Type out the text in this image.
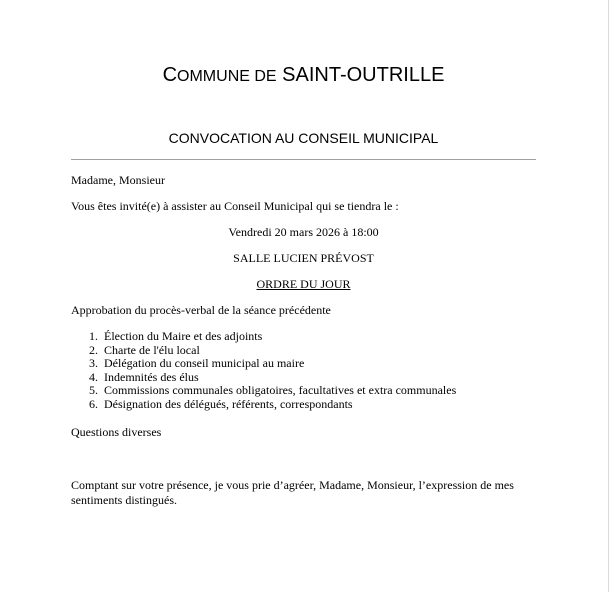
COMMUNE DE SAINT-OUTRILLE
CONVOCATION AU CONSEIL MUNICIPAL
Madame, Monsieur
Vous êtes invité(e) à assister au Conseil Municipal qui se tiendra le :
Vendredi 20 mars 2026 à 18:00
SALLE LUCIEN PRÉVOST
ORDRE DU JOUR
Approbation du procès-verbal de la séance précédente
1. Élection du Maire et des adjoints
2. Charte de l'élu local
3. Délégation du conseil municipal au maire
4. Indemnités des élus
5. Commissions communales obligatoires, facultatives et extra communales
6. Désignation des délégués, référents, correspondants
Questions diverses
Comptant sur votre présence, je vous prie d’agréer, Madame, Monsieur, l’expression de mes sentiments distingués.
